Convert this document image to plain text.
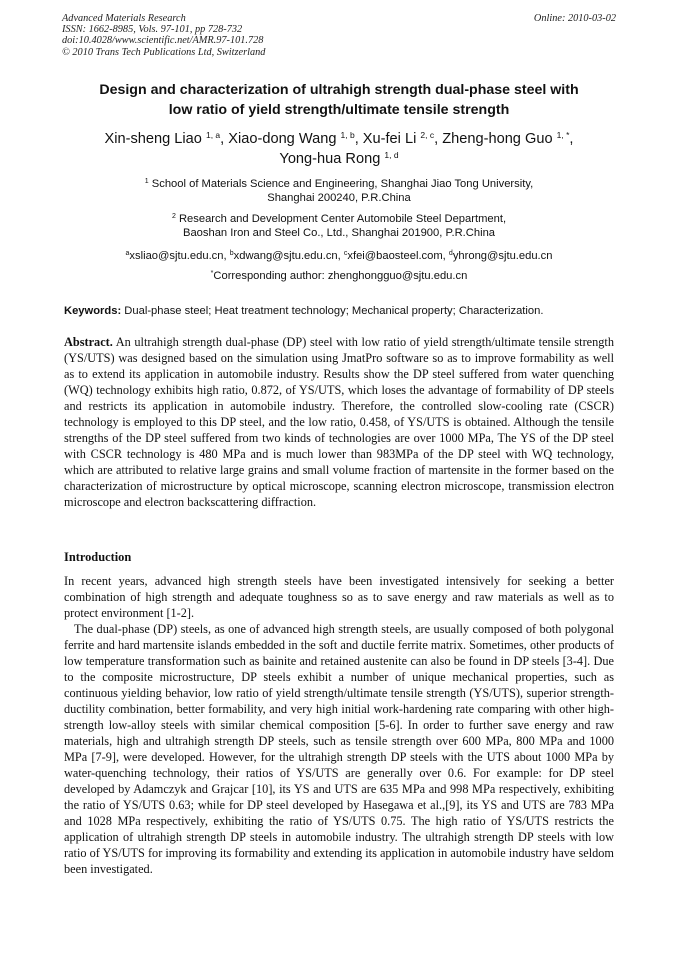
Advanced Materials Research
ISSN: 1662-8985, Vols. 97-101, pp 728-732
doi:10.4028/www.scientific.net/AMR.97-101.728
© 2010 Trans Tech Publications Ltd, Switzerland
Online: 2010-03-02
Design and characterization of ultrahigh strength dual-phase steel with
low ratio of yield strength/ultimate tensile strength
Xin-sheng Liao $^{1, a}$, Xiao-dong Wang $^{1, b}$, Xu-fei Li $^{2, c}$, Zheng-hong Guo $^{1, *}$,
Yong-hua Rong $^{1, d}$
$^1$ School of Materials Science and Engineering, Shanghai Jiao Tong University,
Shanghai 200240, P.R.China
$^2$ Research and Development Center Automobile Steel Department,
Baoshan Iron and Steel Co., Ltd., Shanghai 201900, P.R.China
$^a$xsliao@sjtu.edu.cn, $^b$xdwang@sjtu.edu.cn, $^c$xfei@baosteel.com, $^d$yhrong@sjtu.edu.cn
*Corresponding author: zhenghongguo@sjtu.edu.cn
Keywords: Dual-phase steel; Heat treatment technology; Mechanical property; Characterization.

Abstract. An ultrahigh strength dual-phase (DP) steel with low ratio of yield strength/ultimate tensile strength (YS/UTS) was designed based on the simulation using JmatPro software so as to improve formability as well as to extend its application in automobile industry. Results show the DP steel suffered from water quenching (WQ) technology exhibits high ratio, 0.872, of YS/UTS, which loses the advantage of formability of DP steels and restricts its application in automobile industry. Therefore, the controlled slow-cooling rate (CSCR) technology is employed to this DP steel, and the low ratio, 0.458, of YS/UTS is obtained. Although the tensile strengths of the DP steel suffered from two kinds of technologies are over 1000 MPa, The YS of the DP steel with CSCR technology is 480 MPa and is much lower than 983MPa of the DP steel with WQ technology, which are attributed to relative large grains and small volume fraction of martensite in the former based on the characterization of microstructure by optical microscope, scanning electron microscope, transmission electron microscope and electron backscattering diffraction.

Introduction

In recent years, advanced high strength steels have been investigated intensively for seeking a better combination of high strength and adequate toughness so as to save energy and raw materials as well as to protect environment [1-2].

The dual-phase (DP) steels, as one of advanced high strength steels, are usually composed of both polygonal ferrite and hard martensite islands embedded in the soft and ductile ferrite matrix. Sometimes, other products of low temperature transformation such as bainite and retained austenite can also be found in DP steels [3-4]. Due to the composite microstructure, DP steels exhibit a number of unique mechanical properties, such as continuous yielding behavior, low ratio of yield strength/ultimate tensile strength (YS/UTS), superior strength-ductility combination, better formability, and very high initial work-hardening rate comparing with other high-strength low-alloy steels with similar chemical composition [5-6]. In order to further save energy and raw materials, high and ultrahigh strength DP steels, such as tensile strength over 600 MPa, 800 MPa and 1000 MPa [7-9], were developed. However, for the ultrahigh strength DP steels with the UTS about 1000 MPa by water-quenching technology, their ratios of YS/UTS are generally over 0.6. For example: for DP steel developed by Adamczyk and Grajcar [10], its YS and UTS are 635 MPa and 998 MPa respectively, exhibiting the ratio of YS/UTS 0.63; while for DP steel developed by Hasegawa et al.,[9], its YS and UTS are 783 MPa and 1028 MPa respectively, exhibiting the ratio of YS/UTS 0.75. The high ratio of YS/UTS restricts the application of ultrahigh strength DP steels in automobile industry. The ultrahigh strength DP steels with low ratio of YS/UTS for improving its formability and extending its application in automobile industry have seldom been investigated.
